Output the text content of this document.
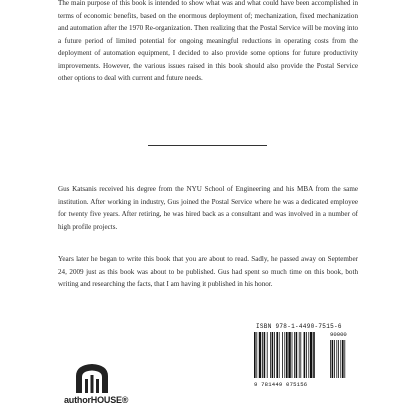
The main purpose of this book is intended to show what was and what could have been accomplished in terms of economic benefits, based on the enormous deployment of; mechanization, fixed mechanization and automation after the 1970 Re-organization. Then realizing that the Postal Service will be moving into a future period of limited potential for ongoing meaningful reductions in operating costs from the deployment of automation equipment, I decided to also provide some options for future productivity improvements. However, the various issues raised in this book should also provide the Postal Service other options to deal with current and future needs.

Gus Katsanis received his degree from the NYU School of Engineering and his MBA from the same institution. After working in industry, Gus joined the Postal Service where he was a dedicated employee for twenty five years. After retiring, he was hired back as a consultant and was involved in a number of high profile projects.

Years later he began to write this book that you are about to read. Sadly, he passed away on September 24, 2009 just as this book was about to be published. Gus had spent so much time on this book, both writing and researching the facts, that I am having it published in his honor.

authorHOUSE®
ISBN 978-1-4490-7515-6
9 781449 075156
90000
